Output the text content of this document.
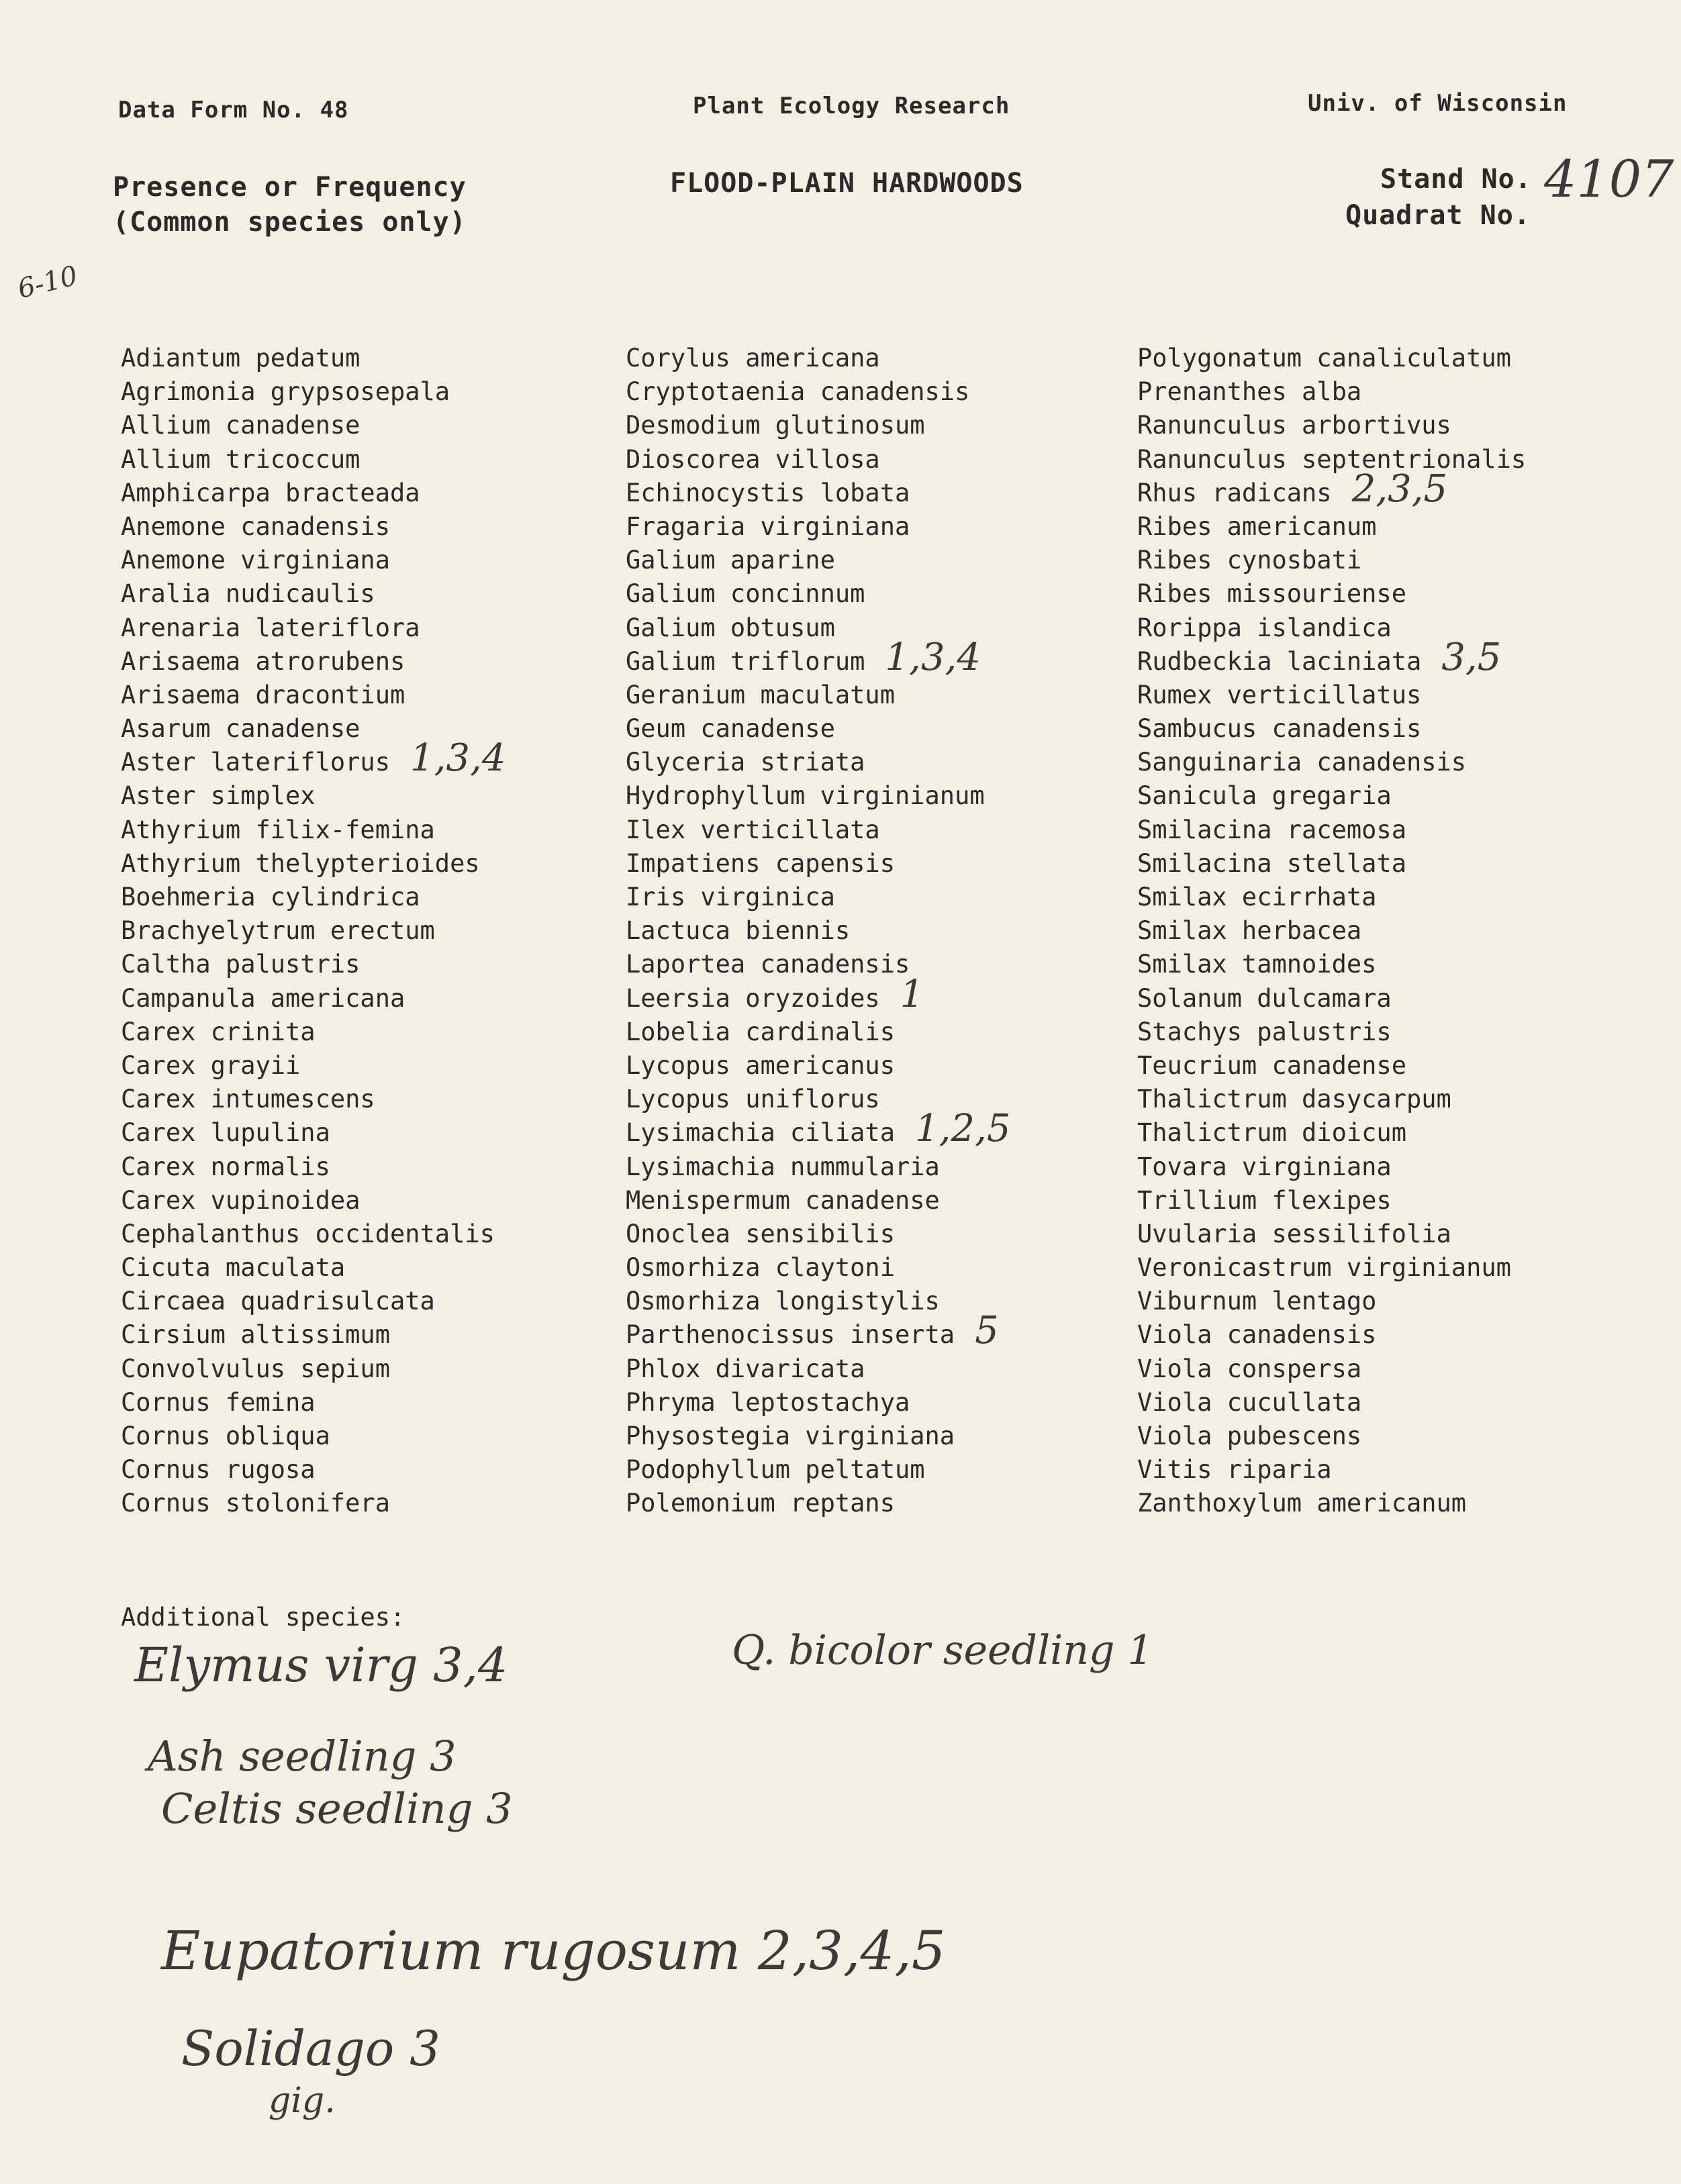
Data Form No. 48	Plant Ecology Research	Univ. of Wisconsin
Presence or Frequency
(Common species only)
FLOOD-PLAIN HARDWOODS	Stand No. 4107
Quadrat No.
6-10
Adiantum pedatum
Agrimonia grypsosepala
Allium canadense
Allium tricoccum
Amphicarpa bracteada
Anemone canadensis
Anemone virginiana
Aralia nudicaulis
Arenaria lateriflora
Arisaema atrorubens
Arisaema dracontium
Asarum canadense
Aster lateriflorus 1,3,4
Aster simplex
Athyrium filix-femina
Athyrium thelypterioides
Boehmeria cylindrica
Brachyelytrum erectum
Caltha palustris
Campanula americana
Carex crinita
Carex grayii
Carex intumescens
Carex lupulina
Carex normalis
Carex vupinoidea
Cephalanthus occidentalis
Cicuta maculata
Circaea quadrisulcata
Cirsium altissimum
Convolvulus sepium
Cornus femina
Cornus obliqua
Cornus rugosa
Cornus stolonifera
Corylus americana
Cryptotaenia canadensis
Desmodium glutinosum
Dioscorea villosa
Echinocystis lobata
Fragaria virginiana
Galium aparine
Galium concinnum
Galium obtusum
Galium triflorum 1,3,4
Geranium maculatum
Geum canadense
Glyceria striata
Hydrophyllum virginianum
Ilex verticillata
Impatiens capensis
Iris virginica
Lactuca biennis
Laportea canadensis
Leersia oryzoides 1
Lobelia cardinalis
Lycopus americanus
Lycopus uniflorus
Lysimachia ciliata 1,2,5
Lysimachia nummularia
Menispermum canadense
Onoclea sensibilis
Osmorhiza claytoni
Osmorhiza longistylis
Parthenocissus inserta 5
Phlox divaricata
Phryma leptostachya
Physostegia virginiana
Podophyllum peltatum
Polemonium reptans
Polygonatum canaliculatum
Prenanthes alba
Ranunculus arbortivus
Ranunculus septentrionalis
Rhus radicans 2,3,5
Ribes americanum
Ribes cynosbati
Ribes missouriense
Rorippa islandica
Rudbeckia laciniata 3,5
Rumex verticillatus
Sambucus canadensis
Sanguinaria canadensis
Sanicula gregaria
Smilacina racemosa
Smilacina stellata
Smilax ecirrhata
Smilax herbacea
Smilax tamnoides
Solanum dulcamara
Stachys palustris
Teucrium canadense
Thalictrum dasycarpum
Thalictrum dioicum
Tovara virginiana
Trillium flexipes
Uvularia sessilifolia
Veronicastrum virginianum
Viburnum lentago
Viola canadensis
Viola conspersa
Viola cucullata
Viola pubescens
Vitis riparia
Zanthoxylum americanum
Additional species:
Elymus virg 3,4	Q. bicolor seedling 1
Ash seedling 3
Celtis seedling 3
Eupatorium rugosum 2,3,4,5
Solidago 3
gig.
